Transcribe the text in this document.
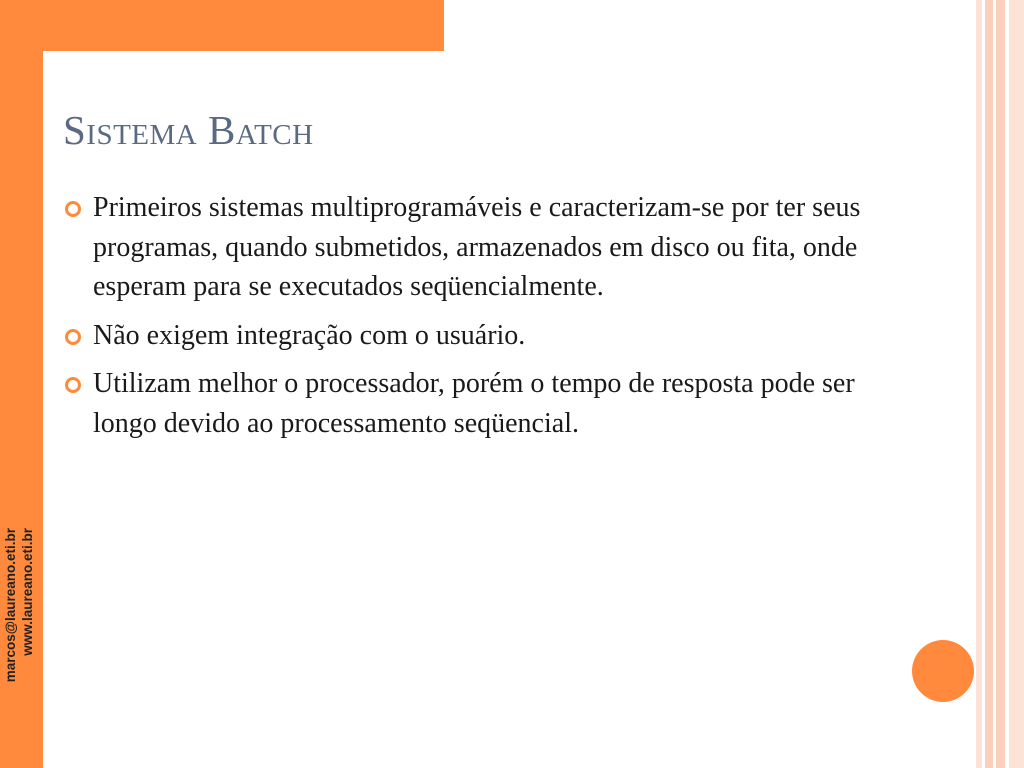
marcos@laureano.eti.br www.laureano.eti.br
Sistema Batch
Primeiros sistemas multiprogramáveis e caracterizam-se por ter seus programas, quando submetidos, armazenados em disco ou fita, onde esperam para se executados seqüencialmente.
Não exigem integração com o usuário.
Utilizam melhor o processador, porém o tempo de resposta pode ser longo devido ao processamento seqüencial.
